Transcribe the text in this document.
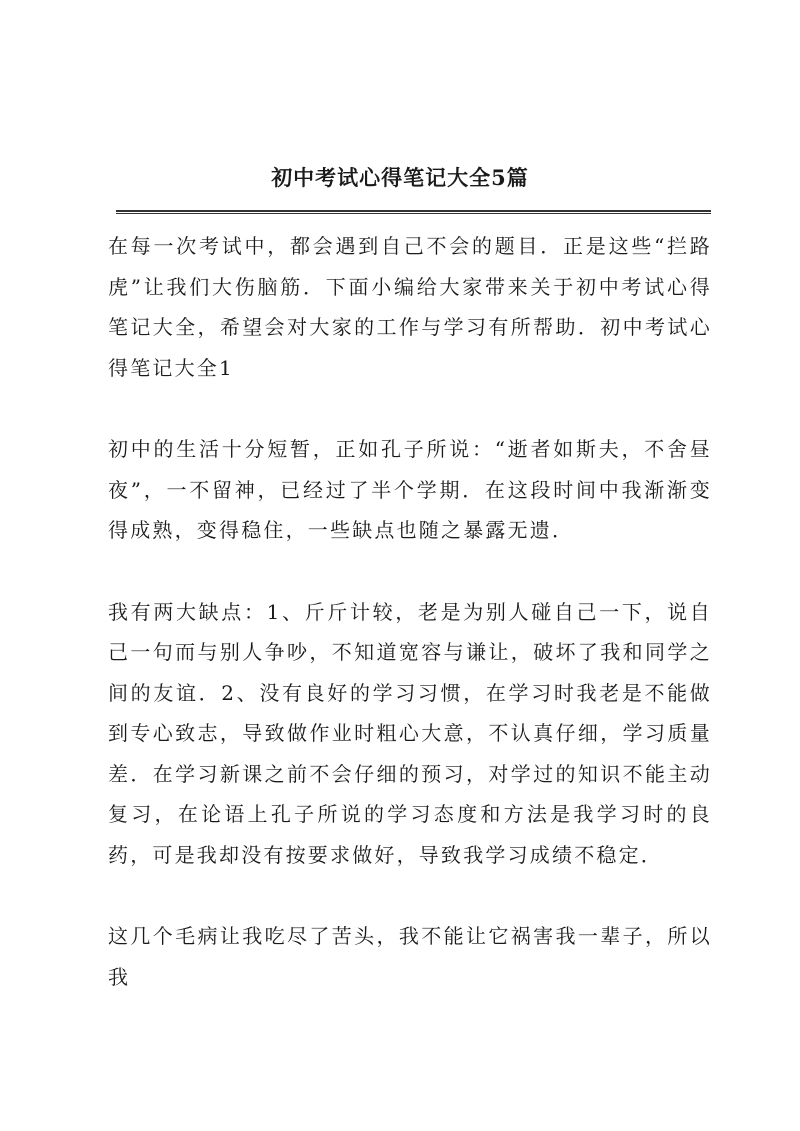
初中考试心得笔记大全5篇

在每一次考试中，都会遇到自己不会的题目．正是这些“拦路虎”让我们大伤脑筋．下面小编给大家带来关于初中考试心得笔记大全，希望会对大家的工作与学习有所帮助．初中考试心得笔记大全1

初中的生活十分短暂，正如孔子所说：“逝者如斯夫，不舍昼夜”，一不留神，已经过了半个学期．在这段时间中我渐渐变得成熟，变得稳住，一些缺点也随之暴露无遗．

我有两大缺点：1、斤斤计较，老是为别人碰自己一下，说自己一句而与别人争吵，不知道宽容与谦让，破坏了我和同学之间的友谊．2、没有良好的学习习惯，在学习时我老是不能做到专心致志，导致做作业时粗心大意，不认真仔细，学习质量差．在学习新课之前不会仔细的预习，对学过的知识不能主动复习，在论语上孔子所说的学习态度和方法是我学习时的良药，可是我却没有按要求做好，导致我学习成绩不稳定．

这几个毛病让我吃尽了苦头，我不能让它祸害我一辈子，所以我
